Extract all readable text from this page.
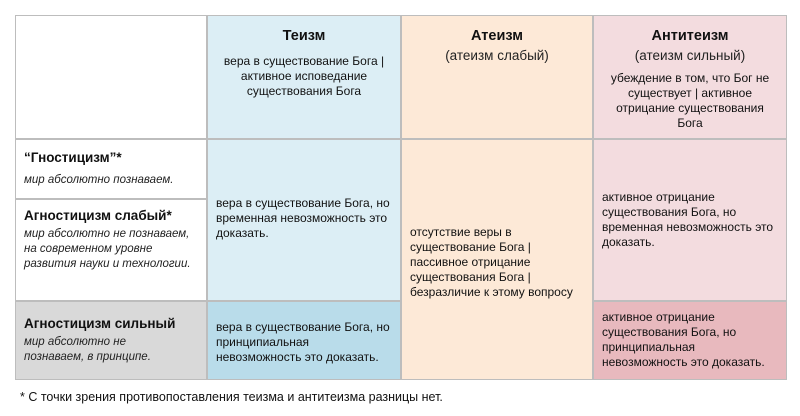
Теизм
вера в существование Бога | активное исповедание существования Бога
Атеизм
(атеизм слабый)
Антитеизм
(атеизм сильный)
убеждение в том, что Бог не существует | активное отрицание существования Бога
“Гностицизм”*
мир абсолютно познаваем.
Агностицизм слабый*
мир абсолютно не познаваем, на современном уровне развития науки и технологии.
Агностицизм сильный
мир абсолютно не познаваем, в принципе.
вера в существование Бога, но временная невозможность это доказать.
вера в существование Бога, но принципиальная невозможность это доказать.
отсутствие веры в существование Бога | пассивное отрицание существования Бога | безразличие к этому вопросу
активное отрицание существования Бога, но временная невозможность это доказать.
активное отрицание существования Бога, но принципиальная невозможность это доказать.
* С точки зрения противопоставления теизма и антитеизма разницы нет.
